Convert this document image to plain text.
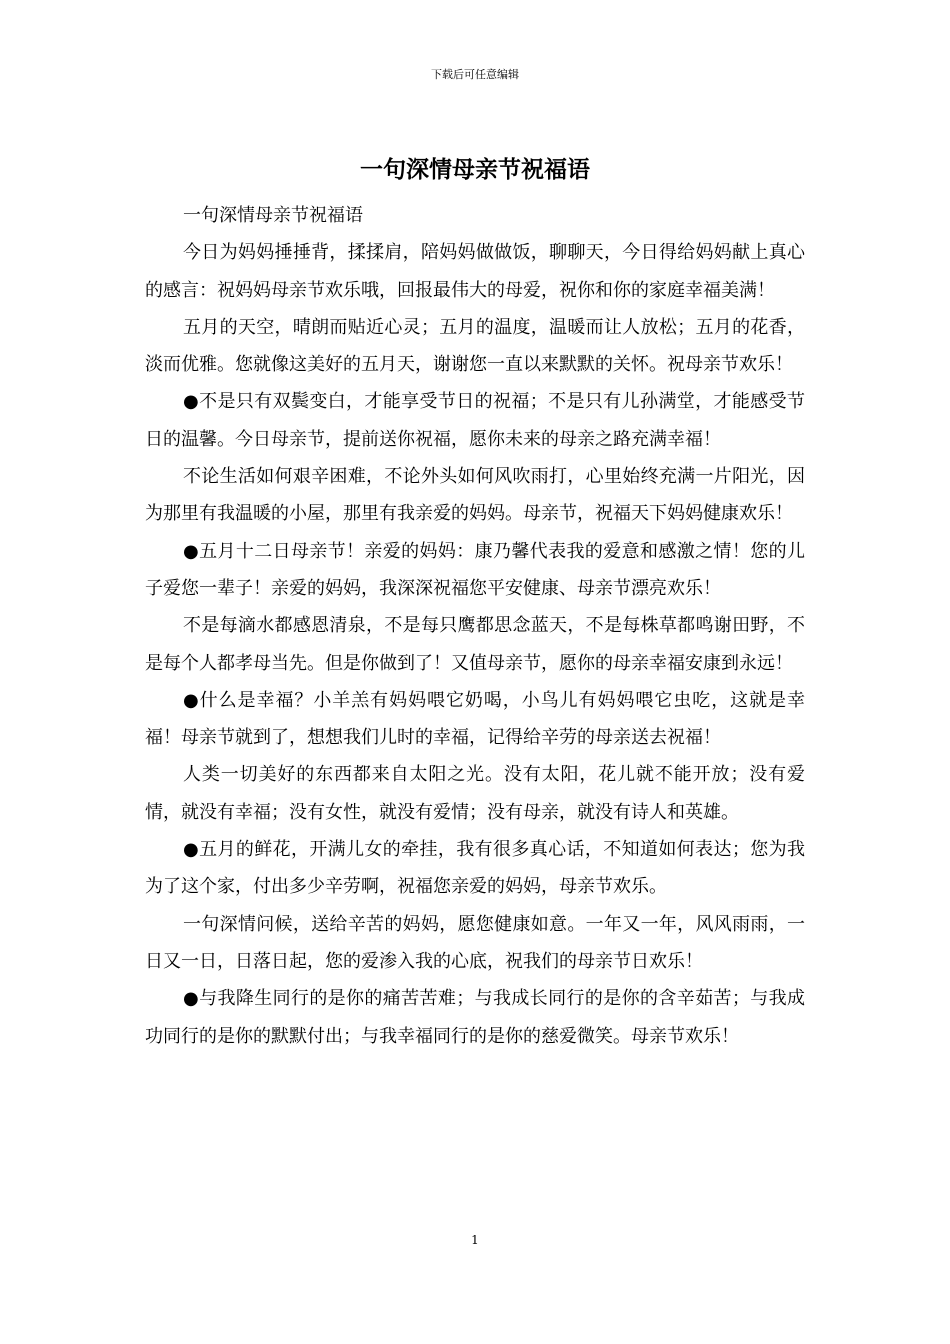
下载后可任意编辑
一句深情母亲节祝福语

一句深情母亲节祝福语

今日为妈妈捶捶背，揉揉肩，陪妈妈做做饭，聊聊天，今日得给妈妈献上真心的感言：祝妈妈母亲节欢乐哦，回报最伟大的母爱，祝你和你的家庭幸福美满！

五月的天空，晴朗而贴近心灵；五月的温度，温暖而让人放松；五月的花香，淡而优雅。您就像这美好的五月天，谢谢您一直以来默默的关怀。祝母亲节欢乐！

●不是只有双鬓变白，才能享受节日的祝福；不是只有儿孙满堂，才能感受节日的温馨。今日母亲节，提前送你祝福，愿你未来的母亲之路充满幸福！

不论生活如何艰辛困难，不论外头如何风吹雨打，心里始终充满一片阳光，因为那里有我温暖的小屋，那里有我亲爱的妈妈。母亲节，祝福天下妈妈健康欢乐！

●五月十二日母亲节！亲爱的妈妈：康乃馨代表我的爱意和感激之情！您的儿子爱您一辈子！亲爱的妈妈，我深深祝福您平安健康、母亲节漂亮欢乐！

不是每滴水都感恩清泉，不是每只鹰都思念蓝天，不是每株草都鸣谢田野，不是每个人都孝母当先。但是你做到了！又值母亲节，愿你的母亲幸福安康到永远！

●什么是幸福？小羊羔有妈妈喂它奶喝，小鸟儿有妈妈喂它虫吃，这就是幸福！母亲节就到了，想想我们儿时的幸福，记得给辛劳的母亲送去祝福！

人类一切美好的东西都来自太阳之光。没有太阳，花儿就不能开放；没有爱情，就没有幸福；没有女性，就没有爱情；没有母亲，就没有诗人和英雄。

●五月的鲜花，开满儿女的牵挂，我有很多真心话，不知道如何表达；您为我为了这个家，付出多少辛劳啊，祝福您亲爱的妈妈，母亲节欢乐。

一句深情问候，送给辛苦的妈妈，愿您健康如意。一年又一年，风风雨雨，一日又一日，日落日起，您的爱渗入我的心底，祝我们的母亲节日欢乐！

●与我降生同行的是你的痛苦苦难；与我成长同行的是你的含辛茹苦；与我成功同行的是你的默默付出；与我幸福同行的是你的慈爱微笑。母亲节欢乐！

1
